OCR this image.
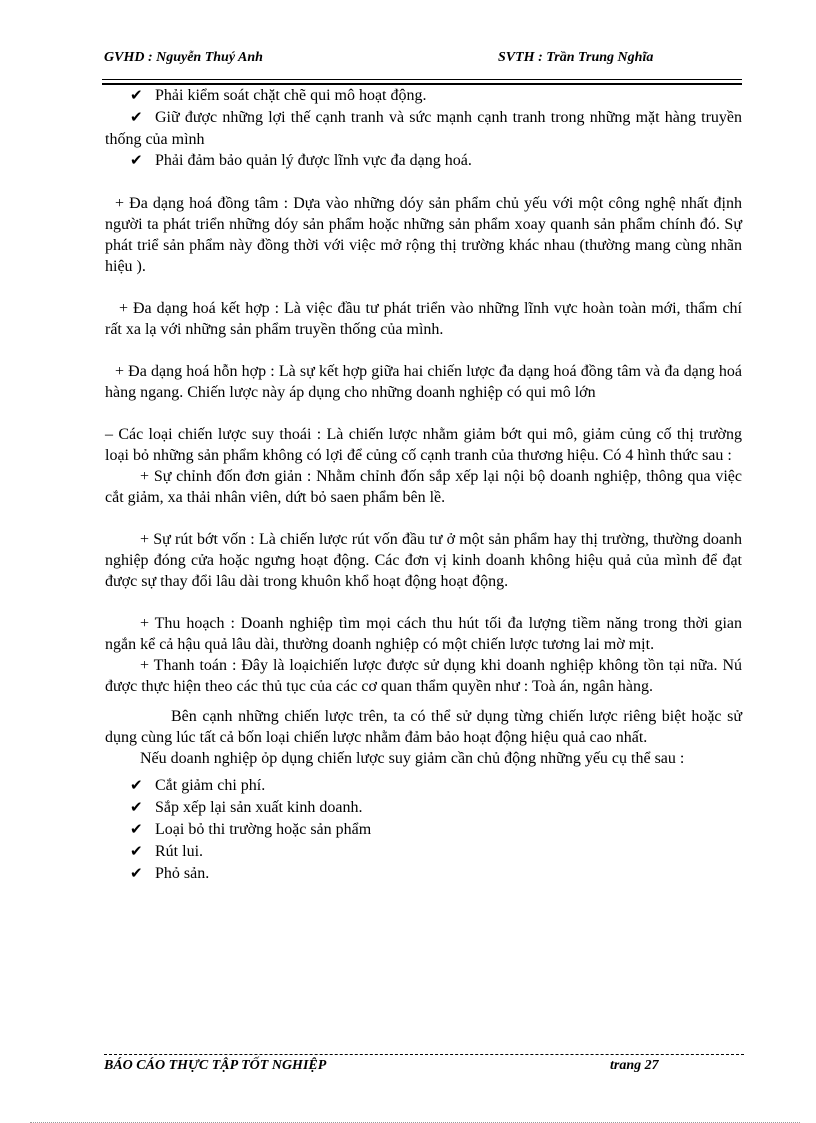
GVHD : Nguyễn Thuý Anh	SVTH : Trần Trung Nghĩa

✔ Phải kiểm soát chặt chẽ qui mô hoạt động.

✔ Giữ được những lợi thế cạnh tranh và sức mạnh cạnh tranh trong những mặt hàng truyền thống của mình

✔ Phải đảm bảo quản lý được lĩnh vực đa dạng hoá.

+ Đa dạng hoá đồng tâm : Dựa vào những dóy sản phẩm chủ yếu với một công nghệ nhất định người ta phát triển những dóy sản phẩm hoặc những sản phẩm xoay quanh sản phẩm chính đó. Sự phát triể sản phẩm này đồng thời với việc mở rộng thị trường khác nhau (thường mang cùng nhãn hiệu ).

+ Đa dạng hoá kết hợp : Là việc đầu tư phát triển vào những lĩnh vực hoàn toàn mới, thẩm chí rất xa lạ với những sản phẩm truyền thống của mình.

+ Đa dạng hoá hỗn hợp : Là sự kết hợp giữa hai chiến lược đa dạng hoá đồng tâm và đa dạng hoá hàng ngang. Chiến lược này áp dụng cho những doanh nghiệp có qui mô lớn

– Các loại chiến lược suy thoái : Là chiến lược nhằm giảm bớt qui mô, giảm củng cố thị trường loại bỏ những sản phẩm không có lợi để củng cố cạnh tranh của thương hiệu. Có 4 hình thức sau :

+ Sự chỉnh đốn đơn giản : Nhằm chỉnh đốn sắp xếp lại nội bộ doanh nghiệp, thông qua việc cắt giảm, xa thải nhân viên, dứt bỏ saen phẩm bên lề.

+ Sự rút bớt vốn : Là chiến lược rút vốn đầu tư ở một sản phẩm hay thị trường, thường doanh nghiệp đóng cửa hoặc ngưng hoạt động. Các đơn vị kinh doanh không hiệu quả của mình để đạt được sự thay đổi lâu dài trong khuôn khổ hoạt động hoạt động.

+ Thu hoạch : Doanh nghiệp tìm mọi cách thu hút tối đa lượng tiềm năng trong thời gian ngắn kể cả hậu quả lâu dài, thường doanh nghiệp có một chiến lược tương lai mờ mịt.

+ Thanh toán : Đây là loạichiến lược được sử dụng khi doanh nghiệp không tồn tại nữa. Nú được thực hiện theo các thủ tục của các cơ quan thẩm quyền như : Toà án, ngân hàng.

Bên cạnh những chiến lược trên, ta có thể sử dụng từng chiến lược riêng biệt hoặc sử dụng cùng lúc tất cả bốn loại chiến lược nhằm đảm bảo hoạt động hiệu quả cao nhất.

Nếu doanh nghiệp ỏp dụng chiến lược suy giảm cần chủ động những yếu cụ thể sau :

✔ Cắt giảm chi phí.

✔ Sắp xếp lại sản xuất kinh doanh.

✔ Loại bỏ thi trường hoặc sản phẩm

✔ Rút lui.

✔ Phỏ sản.

BÁO CÁO THỰC TẬP TỐT NGHIỆP	trang 27
